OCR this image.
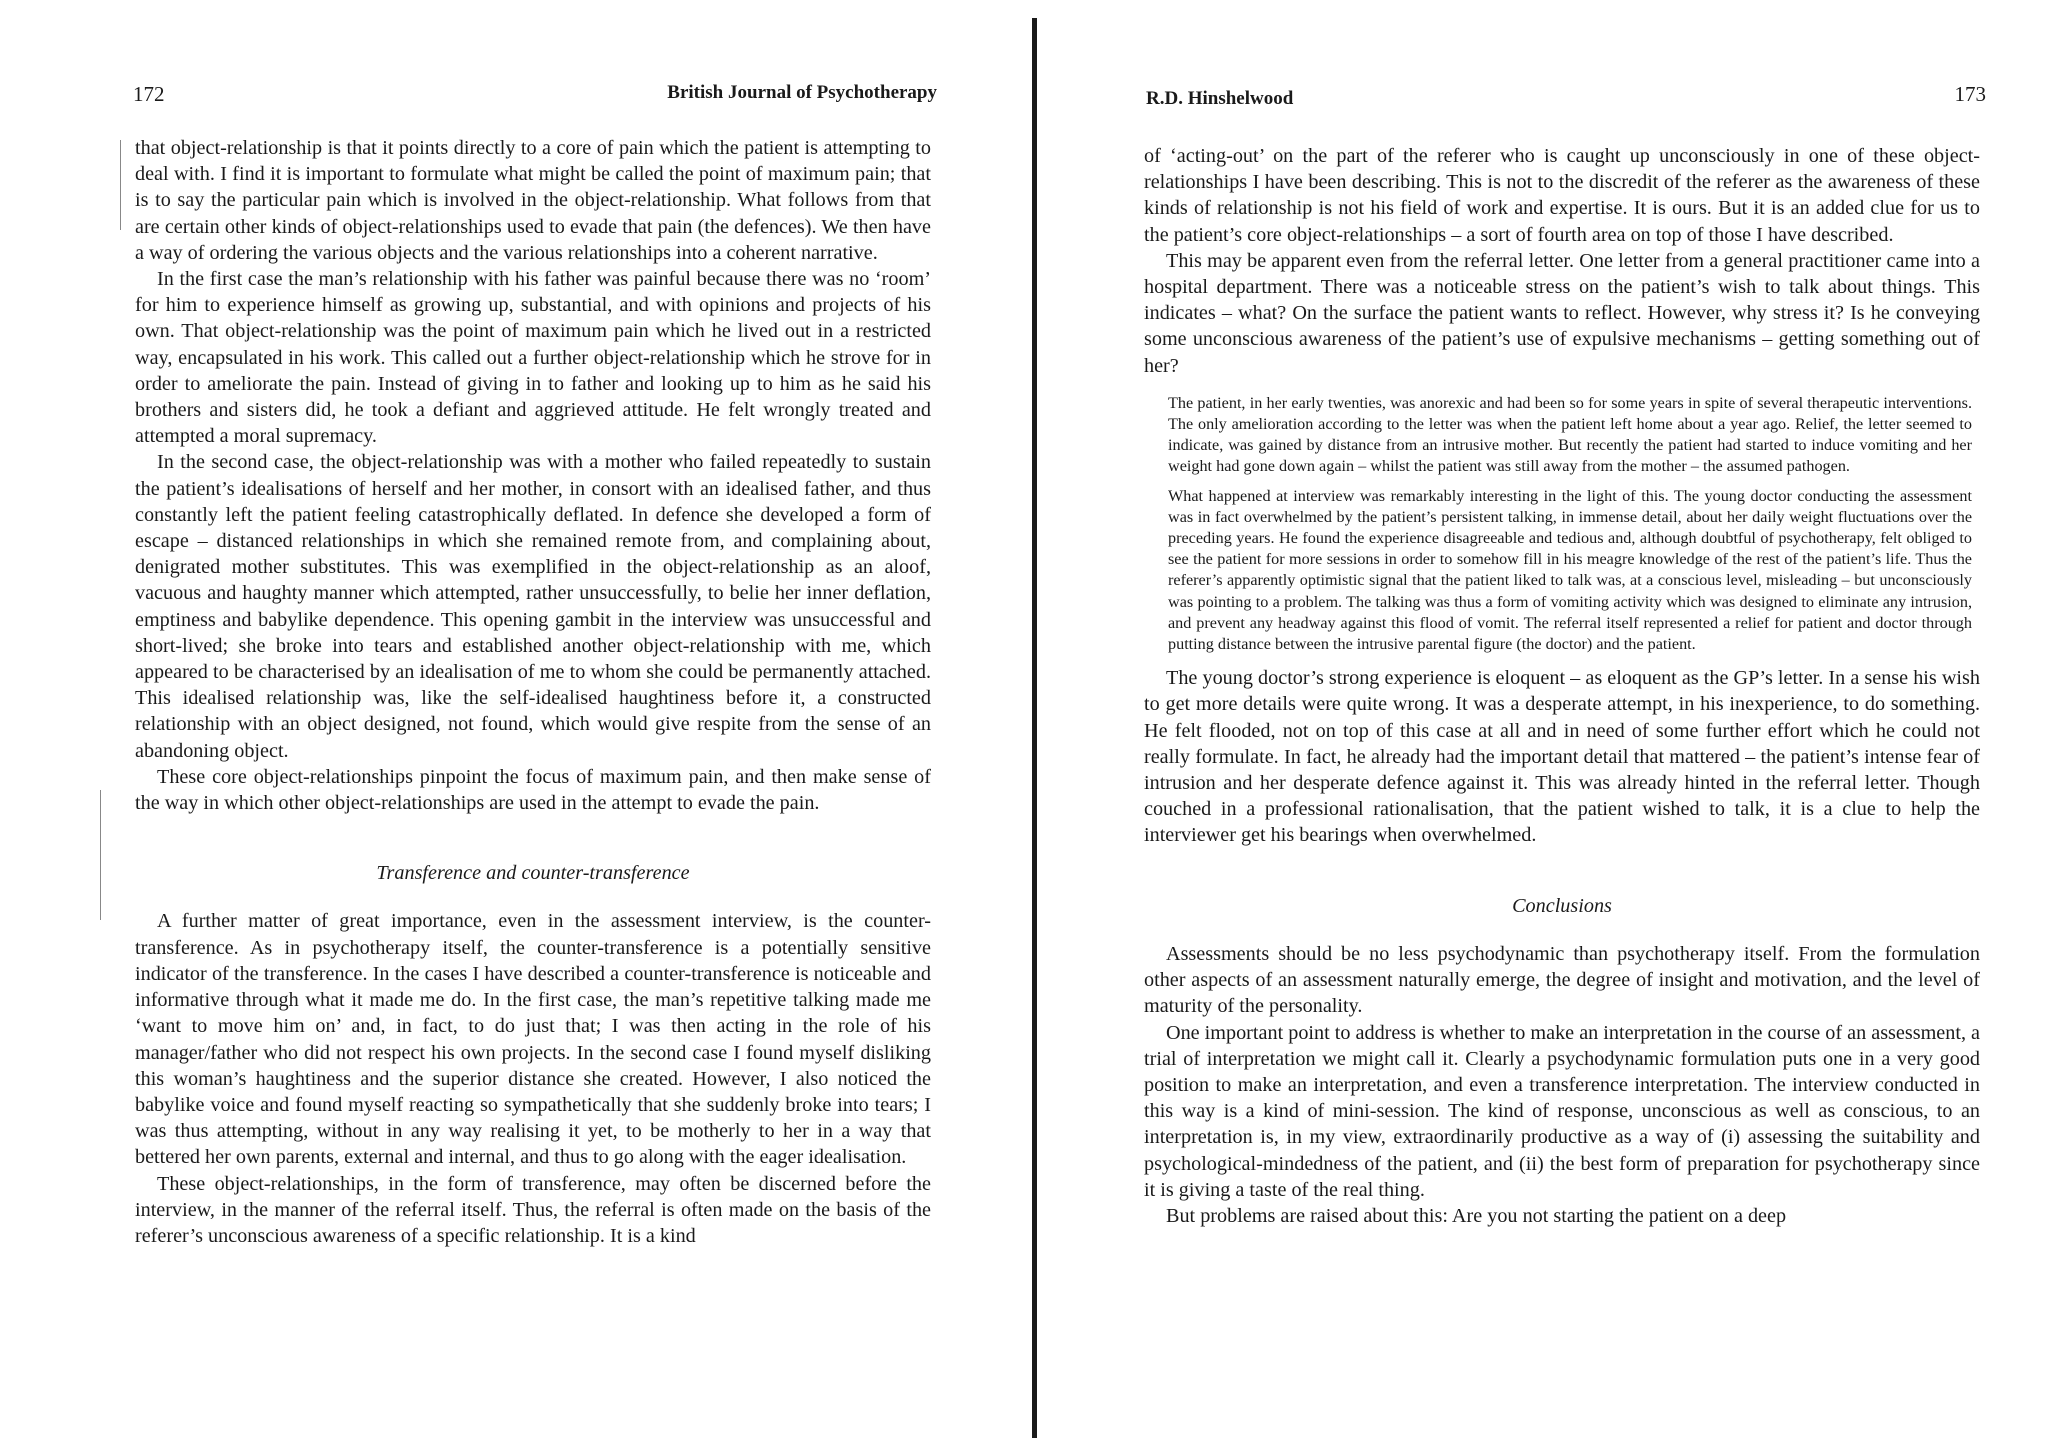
172	British Journal of Psychotherapy

that object-relationship is that it points directly to a core of pain which the patient is attempting to deal with. I find it is important to formulate what might be called the point of maximum pain; that is to say the particular pain which is involved in the object-relationship. What follows from that are certain other kinds of object-relationships used to evade that pain (the defences). We then have a way of ordering the various objects and the various relationships into a coherent narrative.

In the first case the man’s relationship with his father was painful because there was no ‘room’ for him to experience himself as growing up, substantial, and with opinions and projects of his own. That object-relationship was the point of maximum pain which he lived out in a restricted way, encapsulated in his work. This called out a further object-relationship which he strove for in order to ameliorate the pain. Instead of giving in to father and looking up to him as he said his brothers and sisters did, he took a defiant and aggrieved attitude. He felt wrongly treated and attempted a moral supremacy.

In the second case, the object-relationship was with a mother who failed repeatedly to sustain the patient’s idealisations of herself and her mother, in consort with an idealised father, and thus constantly left the patient feeling catastrophically deflated. In defence she developed a form of escape – distanced relationships in which she remained remote from, and complaining about, denigrated mother substitutes. This was exemplified in the object-relationship as an aloof, vacuous and haughty manner which attempted, rather unsuccessfully, to belie her inner deflation, emptiness and babylike dependence. This opening gambit in the interview was unsuccessful and short-lived; she broke into tears and established another object-relationship with me, which appeared to be characterised by an idealisation of me to whom she could be permanently attached. This idealised relationship was, like the self-idealised haughtiness before it, a constructed relationship with an object designed, not found, which would give respite from the sense of an abandoning object.

These core object-relationships pinpoint the focus of maximum pain, and then make sense of the way in which other object-relationships are used in the attempt to evade the pain.

Transference and counter-transference

A further matter of great importance, even in the assessment interview, is the counter-transference. As in psychotherapy itself, the counter-transference is a potentially sensitive indicator of the transference. In the cases I have described a counter-transference is noticeable and informative through what it made me do. In the first case, the man’s repetitive talking made me ‘want to move him on’ and, in fact, to do just that; I was then acting in the role of his manager/father who did not respect his own projects. In the second case I found myself disliking this woman’s haughtiness and the superior distance she created. However, I also noticed the babylike voice and found myself reacting so sympathetically that she suddenly broke into tears; I was thus attempting, without in any way realising it yet, to be motherly to her in a way that bettered her own parents, external and internal, and thus to go along with the eager idealisation.

These object-relationships, in the form of transference, may often be discerned before the interview, in the manner of the referral itself. Thus, the referral is often made on the basis of the referer’s unconscious awareness of a specific relationship. It is a kind

R.D. Hinshelwood	173

of ‘acting-out’ on the part of the referer who is caught up unconsciously in one of these object-relationships I have been describing. This is not to the discredit of the referer as the awareness of these kinds of relationship is not his field of work and expertise. It is ours. But it is an added clue for us to the patient’s core object-relationships – a sort of fourth area on top of those I have described.

This may be apparent even from the referral letter. One letter from a general practitioner came into a hospital department. There was a noticeable stress on the patient’s wish to talk about things. This indicates – what? On the surface the patient wants to reflect. However, why stress it? Is he conveying some unconscious awareness of the patient’s use of expulsive mechanisms – getting something out of her?

The patient, in her early twenties, was anorexic and had been so for some years in spite of several therapeutic interventions. The only amelioration according to the letter was when the patient left home about a year ago. Relief, the letter seemed to indicate, was gained by distance from an intrusive mother. But recently the patient had started to induce vomiting and her weight had gone down again – whilst the patient was still away from the mother – the assumed pathogen.

What happened at interview was remarkably interesting in the light of this. The young doctor conducting the assessment was in fact overwhelmed by the patient’s persistent talking, in immense detail, about her daily weight fluctuations over the preceding years. He found the experience disagreeable and tedious and, although doubtful of psychotherapy, felt obliged to see the patient for more sessions in order to somehow fill in his meagre knowledge of the rest of the patient’s life. Thus the referer’s apparently optimistic signal that the patient liked to talk was, at a conscious level, misleading – but unconsciously was pointing to a problem. The talking was thus a form of vomiting activity which was designed to eliminate any intrusion, and prevent any headway against this flood of vomit. The referral itself represented a relief for patient and doctor through putting distance between the intrusive parental figure (the doctor) and the patient.

The young doctor’s strong experience is eloquent – as eloquent as the GP’s letter. In a sense his wish to get more details were quite wrong. It was a desperate attempt, in his inexperience, to do something. He felt flooded, not on top of this case at all and in need of some further effort which he could not really formulate. In fact, he already had the important detail that mattered – the patient’s intense fear of intrusion and her desperate defence against it. This was already hinted in the referral letter. Though couched in a professional rationalisation, that the patient wished to talk, it is a clue to help the interviewer get his bearings when overwhelmed.

Conclusions

Assessments should be no less psychodynamic than psychotherapy itself. From the formulation other aspects of an assessment naturally emerge, the degree of insight and motivation, and the level of maturity of the personality.

One important point to address is whether to make an interpretation in the course of an assessment, a trial of interpretation we might call it. Clearly a psychodynamic formulation puts one in a very good position to make an interpretation, and even a transference interpretation. The interview conducted in this way is a kind of mini-session. The kind of response, unconscious as well as conscious, to an interpretation is, in my view, extraordinarily productive as a way of (i) assessing the suitability and psychological-mindedness of the patient, and (ii) the best form of preparation for psychotherapy since it is giving a taste of the real thing.

But problems are raised about this: Are you not starting the patient on a deep
